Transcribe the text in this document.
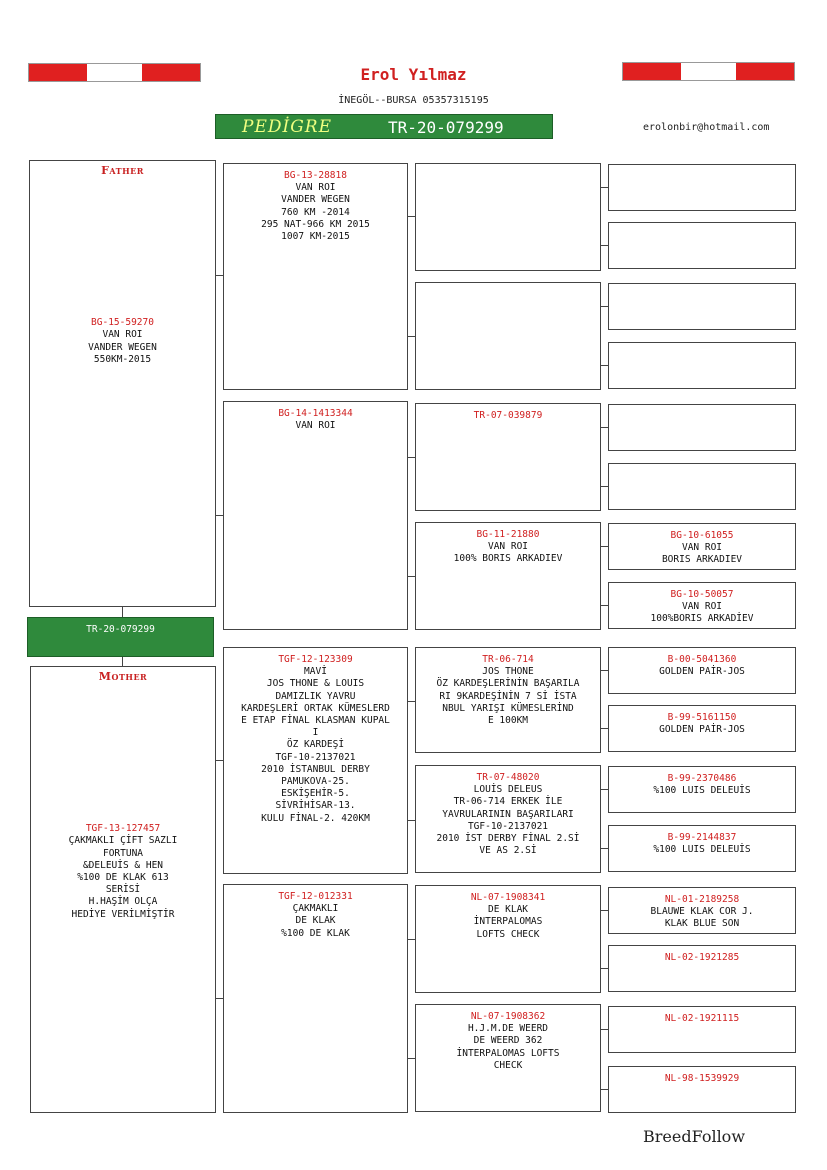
Erol Yılmaz
İNEGÖL--BURSA 05357315195
PEDİGRE	TR-20-079299	erolonbir@hotmail.com
Father
BG-15-59270
VAN ROI
VANDER WEGEN
550KM-2015
TR-20-079299
Mother
TGF-13-127457
ÇAKMAKLI ÇİFT SAZLI
FORTUNA
&DELEUİS & HEN
%100 DE KLAK 613
SERİSİ
H.HAŞİM OLÇA
HEDİYE VERİLMİŞTİR
BG-13-28818
VAN ROI
VANDER WEGEN
760 KM -2014
295 NAT-966 KM 2015
1007 KM-2015
BG-14-1413344
VAN ROI
TGF-12-123309
MAVİ
JOS THONE & LOUIS
DAMIZLIK YAVRU
KARDEŞLERİ ORTAK KÜMESLERD
E ETAP FİNAL KLASMAN KUPAL
I
ÖZ KARDEŞİ
TGF-10-2137021
2010 İSTANBUL DERBY
PAMUKOVA-25.
ESKİŞEHİR-5.
SİVRİHİSAR-13.
KULU FİNAL-2. 420KM
TGF-12-012331
ÇAKMAKLI
DE KLAK
%100 DE KLAK
TR-07-039879
BG-11-21880
VAN ROI
100% BORIS ARKADIEV
TR-06-714
JOS THONE
ÖZ KARDEŞLERİNİN BAŞARILA
RI 9KARDEŞİNİN 7 Sİ İSTA
NBUL YARIŞI KÜMESLERİND
E 100KM
TR-07-48020
LOUİS DELEUS
TR-06-714 ERKEK İLE
YAVRULARININ BAŞARILARI
TGF-10-2137021
2010 İST DERBY FİNAL 2.Sİ
VE AS 2.Sİ
NL-07-1908341
DE KLAK
İNTERPALOMAS
LOFTS CHECK
NL-07-1908362
H.J.M.DE WEERD
DE WEERD 362
İNTERPALOMAS LOFTS
CHECK
BG-10-61055
VAN ROI
BORIS ARKADIEV
BG-10-50057
VAN ROI
100%BORIS ARKADİEV
B-00-5041360
GOLDEN PAİR-JOS
B-99-5161150
GOLDEN PAİR-JOS
B-99-2370486
%100 LUIS DELEUİS
B-99-2144837
%100 LUIS DELEUİS
NL-01-2189258
BLAUWE KLAK COR J.
KLAK BLUE SON
NL-02-1921285
NL-02-1921115
NL-98-1539929
BreedFollow
